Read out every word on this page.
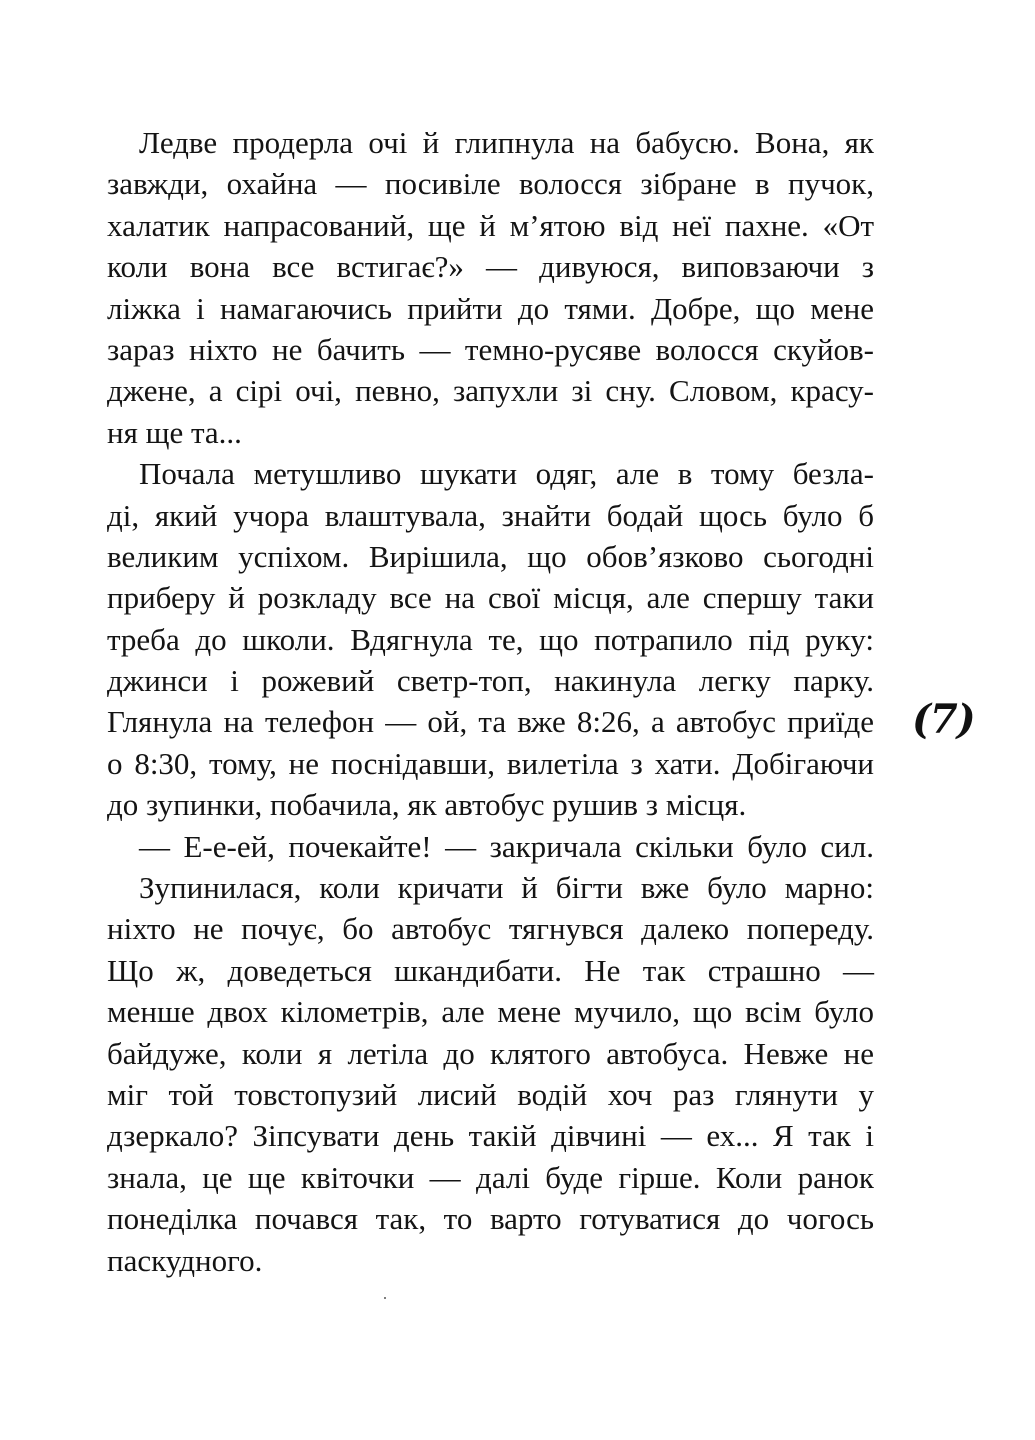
Ледве продерла очі й глипнула на бабусю. Вона, як
завжди, охайна — посивіле волосся зібране в пучок,
халатик напрасований, ще й м’ятою від неї пахне. «От
коли вона все встигає?» — дивуюся, виповзаючи з
ліжка і намагаючись прийти до тями. Добре, що мене
зараз ніхто не бачить — темно-русяве волосся скуйов-
джене, а сірі очі, певно, запухли зі сну. Словом, красу-
ня ще та...
Почала метушливо шукати одяг, але в тому безла-
ді, який учора влаштувала, знайти бодай щось було б
великим успіхом. Вирішила, що обов’язково сьогодні
приберу й розкладу все на свої місця, але спершу таки
треба до школи. Вдягнула те, що потрапило під руку:
джинси і рожевий светр-топ, накинула легку парку.
Глянула на телефон — ой, та вже 8:26, а автобус приїде
о 8:30, тому, не поснідавши, вилетіла з хати. Добігаючи
до зупинки, побачила, як автобус рушив з місця.
— Е-е-ей, почекайте! — закричала скільки було сил.
Зупинилася, коли кричати й бігти вже було марно:
ніхто не почує, бо автобус тягнувся далеко попереду.
Що ж, доведеться шкандибати. Не так страшно —
менше двох кілометрів, але мене мучило, що всім було
байдуже, коли я летіла до клятого автобуса. Невже не
міг той товстопузий лисий водій хоч раз глянути у
дзеркало? Зіпсувати день такій дівчині — ех... Я так і
знала, це ще квіточки — далі буде гірше. Коли ранок
понеділка почався так, то варто готуватися до чогось
паскудного.
(7)
